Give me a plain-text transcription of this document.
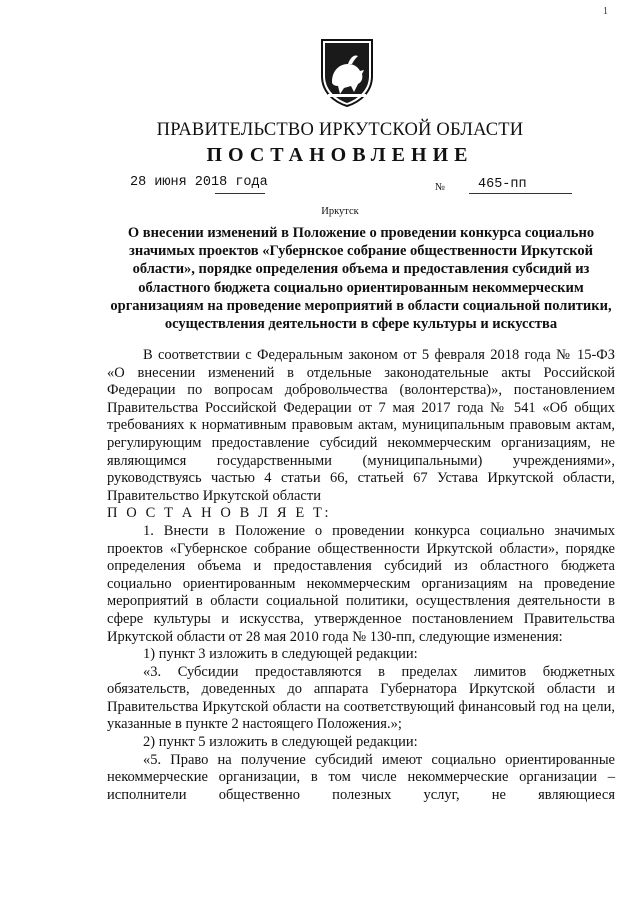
1
ПРАВИТЕЛЬСТВО ИРКУТСКОЙ ОБЛАСТИ
ПОСТАНОВЛЕНИЕ
28 июня 2018 года	№	465-пп
Иркутск
О внесении изменений в Положение о проведении конкурса социально значимых проектов «Губернское собрание общественности Иркутской области», порядке определения объема и предоставления субсидий из областного бюджета социально ориентированным некоммерческим организациям на проведение мероприятий в области социальной политики, осуществления деятельности в сфере культуры и искусства

В соответствии с Федеральным законом от 5 февраля 2018 года № 15-ФЗ «О внесении изменений в отдельные законодательные акты Российской Федерации по вопросам добровольчества (волонтерства)», постановлением Правительства Российской Федерации от 7 мая 2017 года № 541 «Об общих требованиях к нормативным правовым актам, муниципальным правовым актам, регулирующим предоставление субсидий некоммерческим организациям, не являющимся государственными (муниципальными) учреждениями», руководствуясь частью 4 статьи 66, статьей 67 Устава Иркутской области, Правительство Иркутской области

П О С Т А Н О В Л Я Е Т:

1. Внести в Положение о проведении конкурса социально значимых проектов «Губернское собрание общественности Иркутской области», порядке определения объема и предоставления субсидий из областного бюджета социально ориентированным некоммерческим организациям на проведение мероприятий в области социальной политики, осуществления деятельности в сфере культуры и искусства, утвержденное постановлением Правительства Иркутской области от 28 мая 2010 года № 130-пп, следующие изменения:

1) пункт 3 изложить в следующей редакции:

«3. Субсидии предоставляются в пределах лимитов бюджетных обязательств, доведенных до аппарата Губернатора Иркутской области и Правительства Иркутской области на соответствующий финансовый год на цели, указанные в пункте 2 настоящего Положения.»;

2) пункт 5 изложить в следующей редакции:

«5. Право на получение субсидий имеют социально ориентированные некоммерческие организации, в том числе некоммерческие организации – исполнители общественно полезных услуг, не являющиеся
